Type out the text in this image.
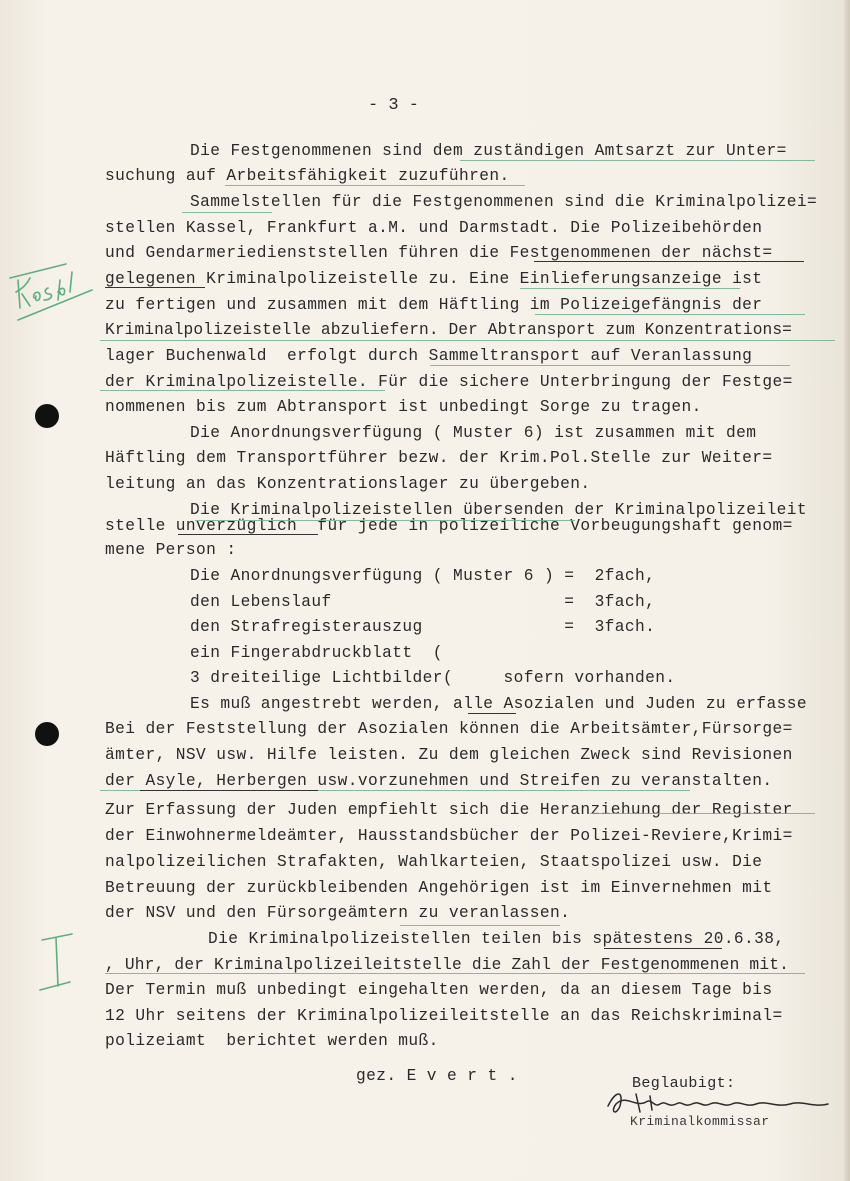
- 3 -
Die Festgenommenen sind dem zuständigen Amtsarzt zur Unter=
suchung auf Arbeitsfähigkeit zuzuführen.
Sammelstellen für die Festgenommenen sind die Kriminalpolizei=
stellen Kassel, Frankfurt a.M. und Darmstadt. Die Polizeibehörden
und Gendarmeriedienststellen führen die Festgenommenen der nächst=
gelegenen Kriminalpolizeistelle zu. Eine Einlieferungsanzeige ist
zu fertigen und zusammen mit dem Häftling im Polizeigefängnis der
Kriminalpolizeistelle abzuliefern. Der Abtransport zum Konzentrations=
lager Buchenwald  erfolgt durch Sammeltransport auf Veranlassung
der Kriminalpolizeistelle. Für die sichere Unterbringung der Festge=
nommenen bis zum Abtransport ist unbedingt Sorge zu tragen.
Die Anordnungsverfügung ( Muster 6) ist zusammen mit dem
Häftling dem Transportführer bezw. der Krim.Pol.Stelle zur Weiter=
leitung an das Konzentrationslager zu übergeben.
Die Kriminalpolizeistellen übersenden der Kriminalpolizeileit
stelle unverzüglich  für jede in polizeiliche Vorbeugungshaft genom=
mene Person :
Die Anordnungsverfügung ( Muster 6 ) =  2fach,
den Lebenslauf                       =  3fach,
den Strafregisterauszug              =  3fach.
ein Fingerabdruckblatt  (
3 dreiteilige Lichtbilder(     sofern vorhanden.
Es muß angestrebt werden, alle Asozialen und Juden zu erfasse
Bei der Feststellung der Asozialen können die Arbeitsämter,Fürsorge=
ämter, NSV usw. Hilfe leisten. Zu dem gleichen Zweck sind Revisionen
der Asyle, Herbergen usw.vorzunehmen und Streifen zu veranstalten.
Zur Erfassung der Juden empfiehlt sich die Heranziehung der Register
der Einwohnermeldeämter, Hausstandsbücher der Polizei-Reviere,Krimi=
nalpolizeilichen Strafakten, Wahlkarteien, Staatspolizei usw. Die
Betreuung der zurückbleibenden Angehörigen ist im Einvernehmen mit
der NSV und den Fürsorgeämtern zu veranlassen.
Die Kriminalpolizeistellen teilen bis spätestens 20.6.38,
, Uhr, der Kriminalpolizeileitstelle die Zahl der Festgenommenen mit.
Der Termin muß unbedingt eingehalten werden, da an diesem Tage bis
12 Uhr seitens der Kriminalpolizeileitstelle an das Reichskriminal=
polizeiamt  berichtet werden muß.
gez. E v e r t .	Beglaubigt:
Kriminalkommissar
